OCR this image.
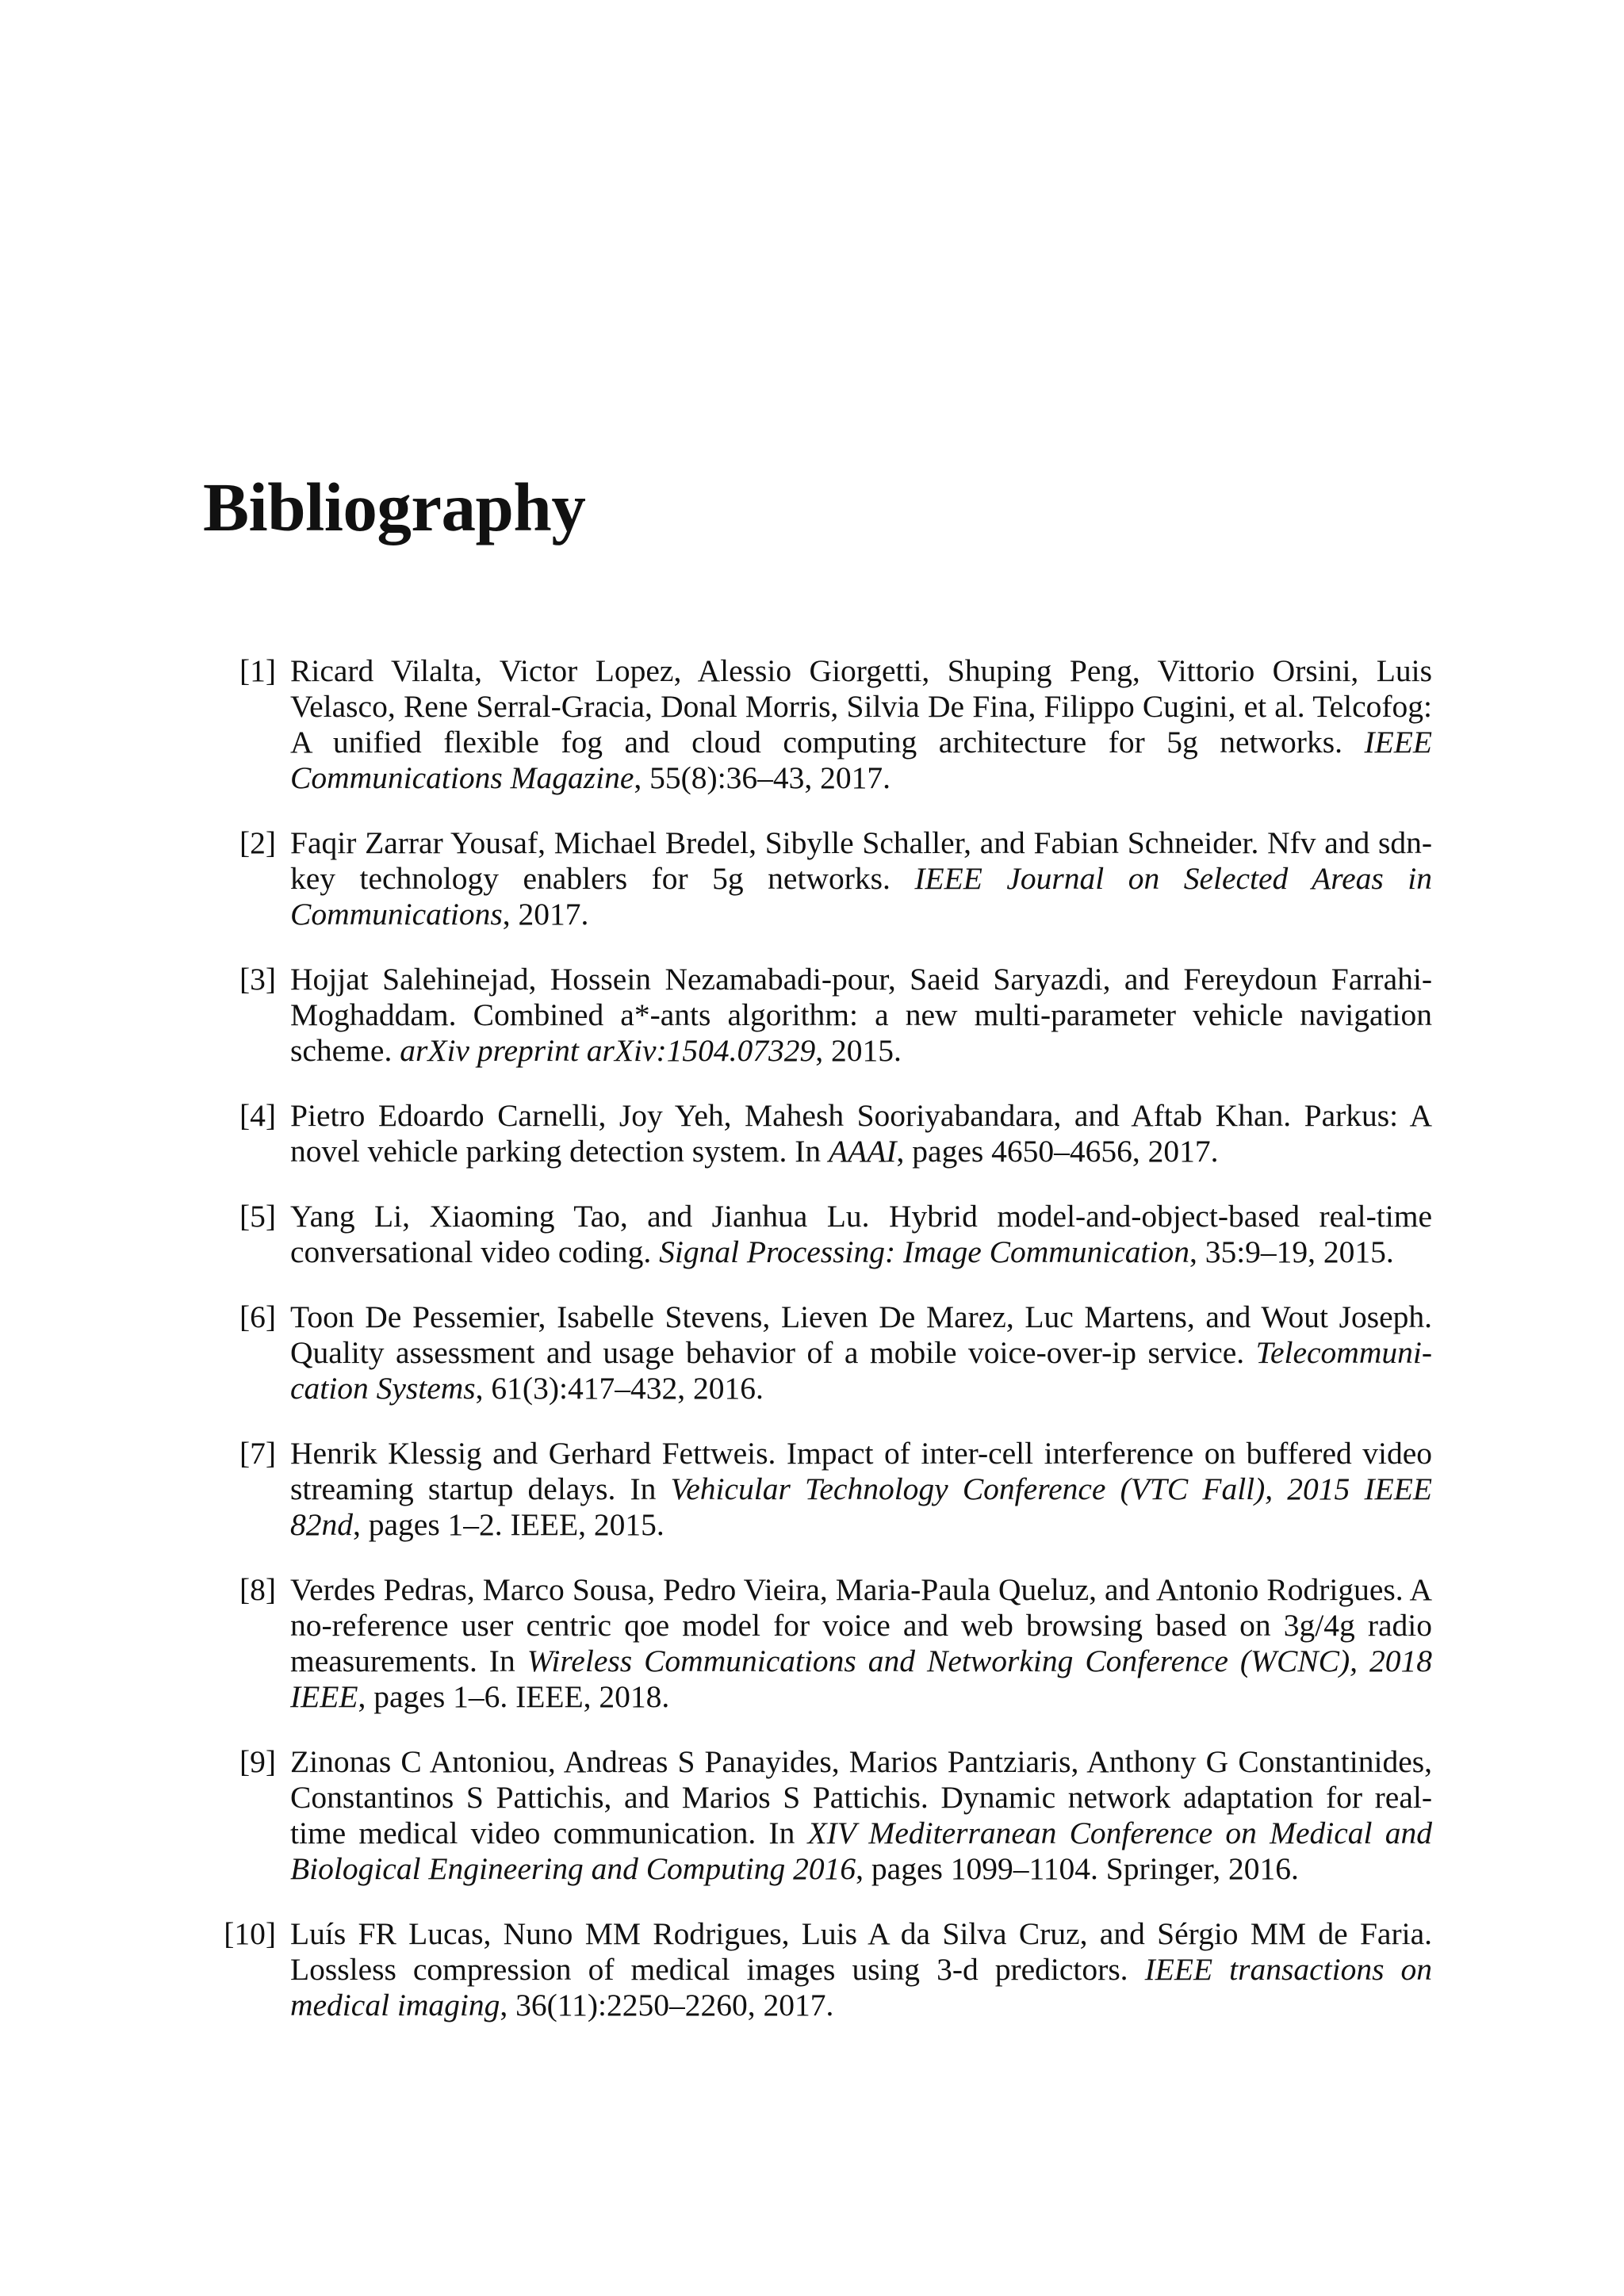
Bibliography
[1] Ricard Vilalta, Victor Lopez, Alessio Giorgetti, Shuping Peng, Vittorio Orsini, Luis Velasco, Rene Serral-Gracia, Donal Morris, Silvia De Fina, Filippo Cugini, et al. Telcofog: A unified flexible fog and cloud computing architecture for 5g networks. IEEE Communications Magazine, 55(8):36–43, 2017.
[2] Faqir Zarrar Yousaf, Michael Bredel, Sibylle Schaller, and Fabian Schneider. Nfv and sdn-key technology enablers for 5g networks. IEEE Journal on Selected Areas in Communications, 2017.
[3] Hojjat Salehinejad, Hossein Nezamabadi-pour, Saeid Saryazdi, and Fereydoun Farrahi-Moghaddam. Combined a*-ants algorithm: a new multi-parameter vehicle navigation scheme. arXiv preprint arXiv:1504.07329, 2015.
[4] Pietro Edoardo Carnelli, Joy Yeh, Mahesh Sooriyabandara, and Aftab Khan. Parkus: A novel vehicle parking detection system. In AAAI, pages 4650–4656, 2017.
[5] Yang Li, Xiaoming Tao, and Jianhua Lu. Hybrid model-and-object-based real-time conversational video coding. Signal Processing: Image Communication, 35:9–19, 2015.
[6] Toon De Pessemier, Isabelle Stevens, Lieven De Marez, Luc Martens, and Wout Joseph. Quality assessment and usage behavior of a mobile voice-over-ip service. Telecommunication Systems, 61(3):417–432, 2016.
[7] Henrik Klessig and Gerhard Fettweis. Impact of inter-cell interference on buffered video streaming startup delays. In Vehicular Technology Conference (VTC Fall), 2015 IEEE 82nd, pages 1–2. IEEE, 2015.
[8] Verdes Pedras, Marco Sousa, Pedro Vieira, Maria-Paula Queluz, and Antonio Rodrigues. A no-reference user centric qoe model for voice and web browsing based on 3g/4g radio measurements. In Wireless Communications and Networking Conference (WCNC), 2018 IEEE, pages 1–6. IEEE, 2018.
[9] Zinonas C Antoniou, Andreas S Panayides, Marios Pantziaris, Anthony G Constantinides, Constantinos S Pattichis, and Marios S Pattichis. Dynamic network adaptation for real-time medical video communication. In XIV Mediterranean Conference on Medical and Biological Engineering and Computing 2016, pages 1099–1104. Springer, 2016.
[10] Luís FR Lucas, Nuno MM Rodrigues, Luis A da Silva Cruz, and Sérgio MM de Faria. Lossless compression of medical images using 3-d predictors. IEEE transactions on medical imaging, 36(11):2250–2260, 2017.
